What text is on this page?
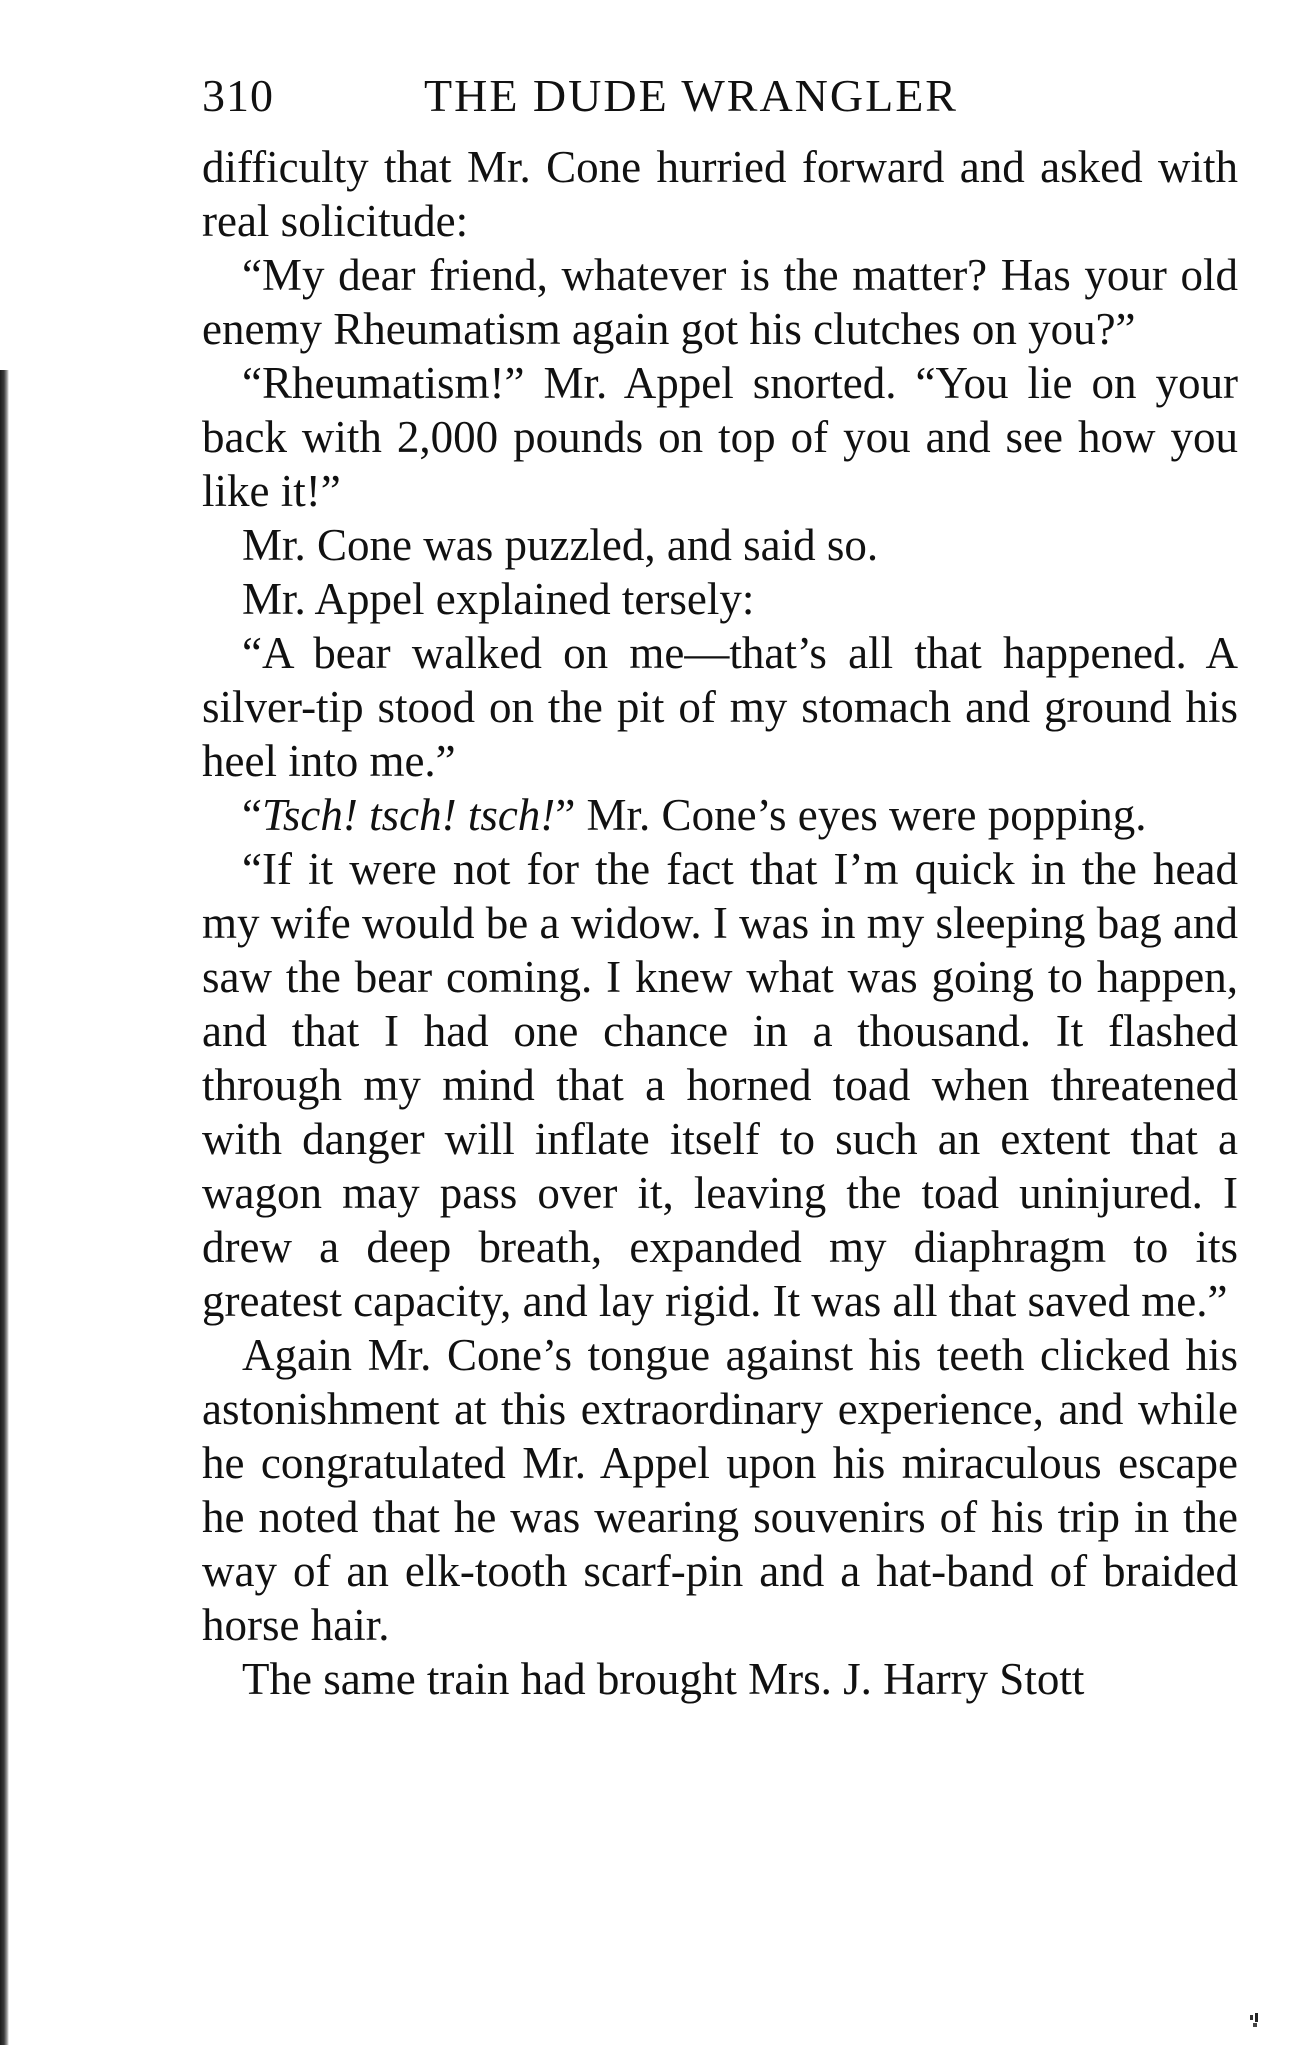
310	THE DUDE WRANGLER

difficulty that Mr. Cone hurried forward and asked with real solicitude:

“My dear friend, whatever is the matter? Has your old enemy Rheumatism again got his clutches on you?”

“Rheumatism!” Mr. Appel snorted. “You lie on your back with 2,000 pounds on top of you and see how you like it!”

Mr. Cone was puzzled, and said so.

Mr. Appel explained tersely:

“A bear walked on me—that’s all that happened. A silver-tip stood on the pit of my stomach and ground his heel into me.”

“Tsch! tsch! tsch!” Mr. Cone’s eyes were popping.

“If it were not for the fact that I’m quick in the head my wife would be a widow. I was in my sleeping bag and saw the bear coming. I knew what was going to happen, and that I had one chance in a thousand. It flashed through my mind that a horned toad when threatened with danger will inflate itself to such an extent that a wagon may pass over it, leaving the toad uninjured. I drew a deep breath, expanded my diaphragm to its greatest capacity, and lay rigid. It was all that saved me.”

Again Mr. Cone’s tongue against his teeth clicked his astonishment at this extraordinary experience, and while he congratulated Mr. Appel upon his miraculous escape he noted that he was wearing souvenirs of his trip in the way of an elk-tooth scarf-pin and a hat-band of braided horse hair.

The same train had brought Mrs. J. Harry Stott
